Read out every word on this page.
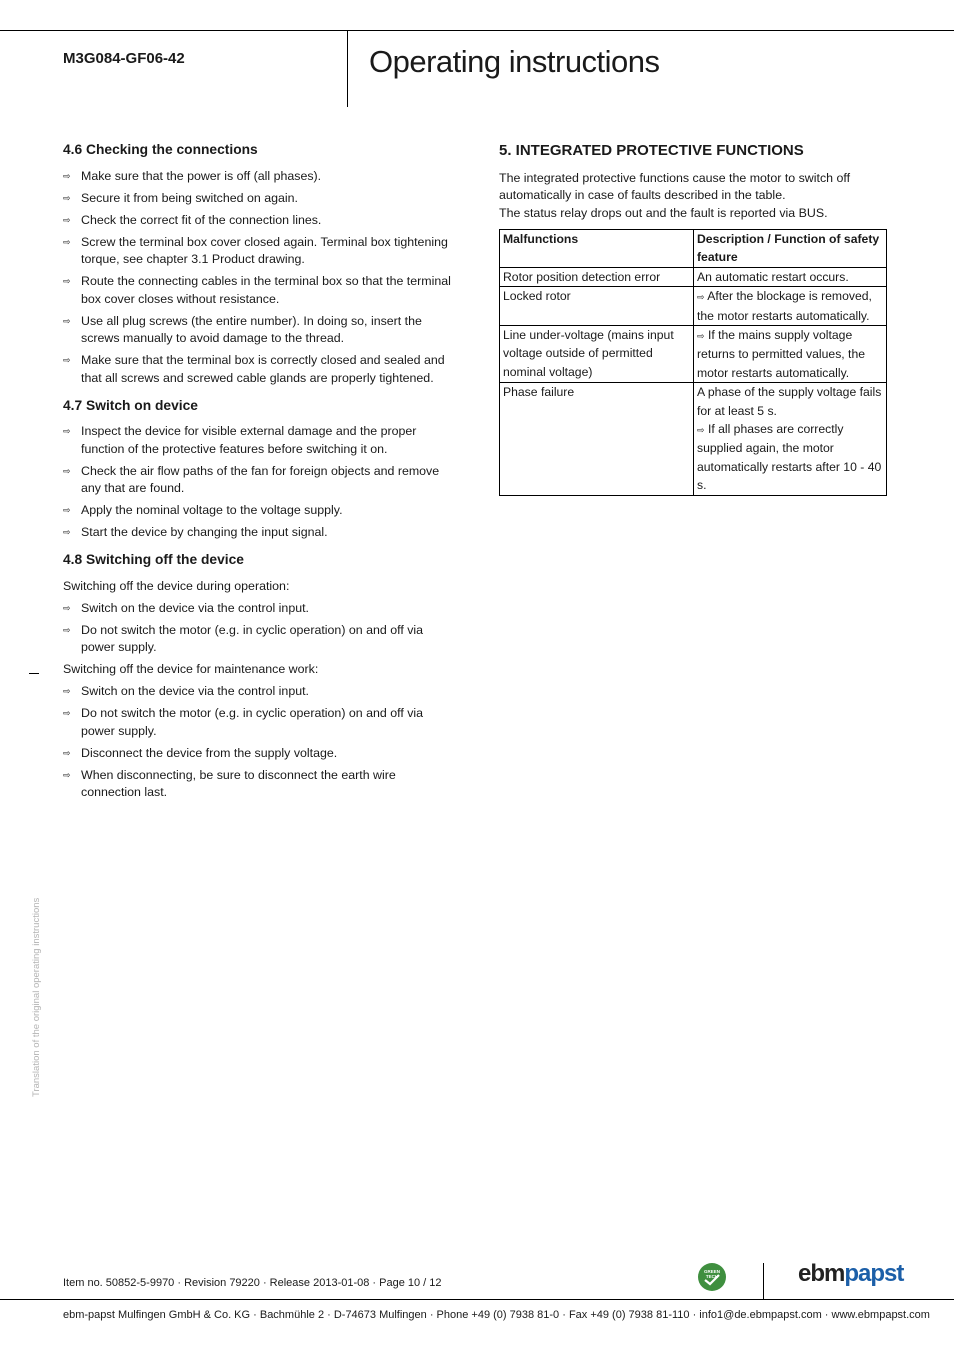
M3G084-GF06-42	Operating instructions
4.6 Checking the connections
⇨ Make sure that the power is off (all phases).
⇨ Secure it from being switched on again.
⇨ Check the correct fit of the connection lines.
⇨ Screw the terminal box cover closed again. Terminal box tightening torque, see chapter 3.1 Product drawing.
⇨ Route the connecting cables in the terminal box so that the terminal box cover closes without resistance.
⇨ Use all plug screws (the entire number). In doing so, insert the screws manually to avoid damage to the thread.
⇨ Make sure that the terminal box is correctly closed and sealed and that all screws and screwed cable glands are properly tightened.
4.7 Switch on device
⇨ Inspect the device for visible external damage and the proper function of the protective features before switching it on.
⇨ Check the air flow paths of the fan for foreign objects and remove any that are found.
⇨ Apply the nominal voltage to the voltage supply.
⇨ Start the device by changing the input signal.
4.8 Switching off the device

Switching off the device during operation:

⇨ Switch on the device via the control input.
⇨ Do not switch the motor (e.g. in cyclic operation) on and off via power supply.

Switching off the device for maintenance work:

⇨ Switch on the device via the control input.
⇨ Do not switch the motor (e.g. in cyclic operation) on and off via power supply.
⇨ Disconnect the device from the supply voltage.
⇨ When disconnecting, be sure to disconnect the earth wire connection last.
5. INTEGRATED PROTECTIVE FUNCTIONS
The integrated protective functions cause the motor to switch off automatically in case of faults described in the table.
The status relay drops out and the fault is reported via BUS.
Malfunctions	Description / Function of safety feature
Rotor position detection error	An automatic restart occurs.
Locked rotor	⇨ After the blockage is removed, the motor restarts automatically.
Line under-voltage (mains input voltage outside of permitted nominal voltage)	⇨ If the mains supply voltage returns to permitted values, the motor restarts automatically.
Phase failure	A phase of the supply voltage fails for at least 5 s.
⇨ If all phases are correctly supplied again, the motor automatically restarts after 10 - 40 s.
Translation of the original operating instructions
Item no. 50852-5-9970 · Revision 79220 · Release 2013-01-08 · Page 10 / 12
GREEN TECH	ebmpapst
ebm-papst Mulfingen GmbH & Co. KG · Bachmühle 2 · D-74673 Mulfingen · Phone +49 (0) 7938 81-0 · Fax +49 (0) 7938 81-110 · info1@de.ebmpapst.com · www.ebmpapst.com
